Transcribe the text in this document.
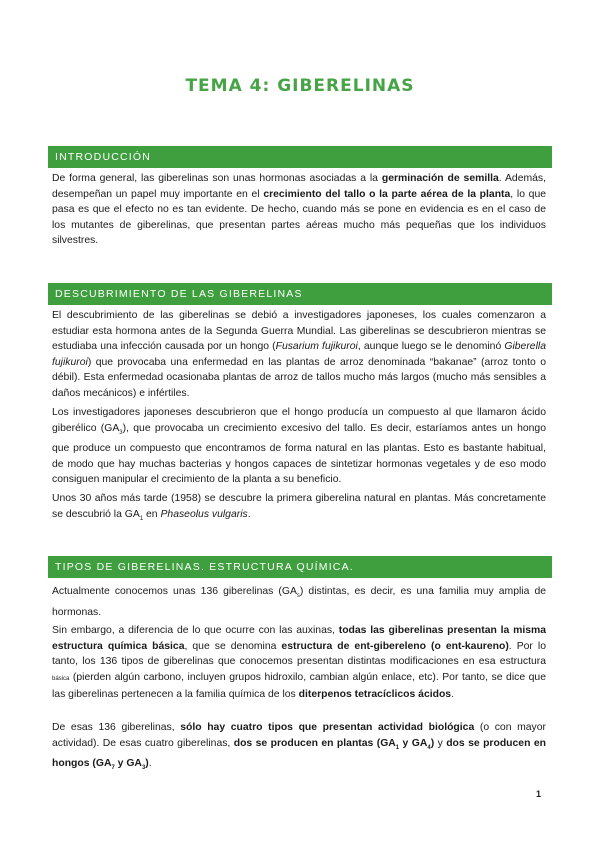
TEMA 4: GIBERELINAS
INTRODUCCIÓN

De forma general, las giberelinas son unas hormonas asociadas a la germinación de semilla. Además, desempeñan un papel muy importante en el crecimiento del tallo o la parte aérea de la planta, lo que pasa es que el efecto no es tan evidente. De hecho, cuando más se pone en evidencia es en el caso de los mutantes de giberelinas, que presentan partes aéreas mucho más pequeñas que los individuos silvestres.

DESCUBRIMIENTO DE LAS GIBERELINAS

El descubrimiento de las giberelinas se debió a investigadores japoneses, los cuales comenzaron a estudiar esta hormona antes de la Segunda Guerra Mundial. Las giberelinas se descubrieron mientras se estudiaba una infección causada por un hongo (Fusarium fujikuroi, aunque luego se le denominó Giberella fujikuroi) que provocaba una enfermedad en las plantas de arroz denominada “bakanae” (arroz tonto o débil). Esta enfermedad ocasionaba plantas de arroz de tallos mucho más largos (mucho más sensibles a daños mecánicos) e infértiles.

Los investigadores japoneses descubrieron que el hongo producía un compuesto al que llamaron ácido giberélico $(GA_3)$, que provocaba un crecimiento excesivo del tallo. Es decir, estaríamos antes un hongo que produce un compuesto que encontramos de forma natural en las plantas. Esto es bastante habitual, de modo que hay muchas bacterias y hongos capaces de sintetizar hormonas vegetales y de eso modo consiguen manipular el crecimiento de la planta a su beneficio.

Unos 30 años más tarde (1958) se descubre la primera giberelina natural en plantas. Más concretamente se descubrió la $GA_1$ en Phaseolus vulgaris.

TIPOS DE GIBERELINAS. ESTRUCTURA QUÍMICA.

Actualmente conocemos unas 136 giberelinas $(GA_s)$ distintas, es decir, es una familia muy amplia de hormonas.

Sin embargo, a diferencia de lo que ocurre con las auxinas, todas las giberelinas presentan la misma estructura química básica, que se denomina estructura de ent-gibereleno (o ent-kaureno). Por lo tanto, los 136 tipos de giberelinas que conocemos presentan distintas modificaciones en esa estructura básica (pierden algún carbono, incluyen grupos hidroxilo, cambian algún enlace, etc). Por tanto, se dice que las giberelinas pertenecen a la familia química de los diterpenos tetracíclicos ácidos.

De esas 136 giberelinas, sólo hay cuatro tipos que presentan actividad biológica (o con mayor actividad). De esas cuatro giberelinas, dos se producen en plantas ($GA_1$ y $GA_4$) y dos se producen en hongos ($GA_7$ y $GA_3$).

1
